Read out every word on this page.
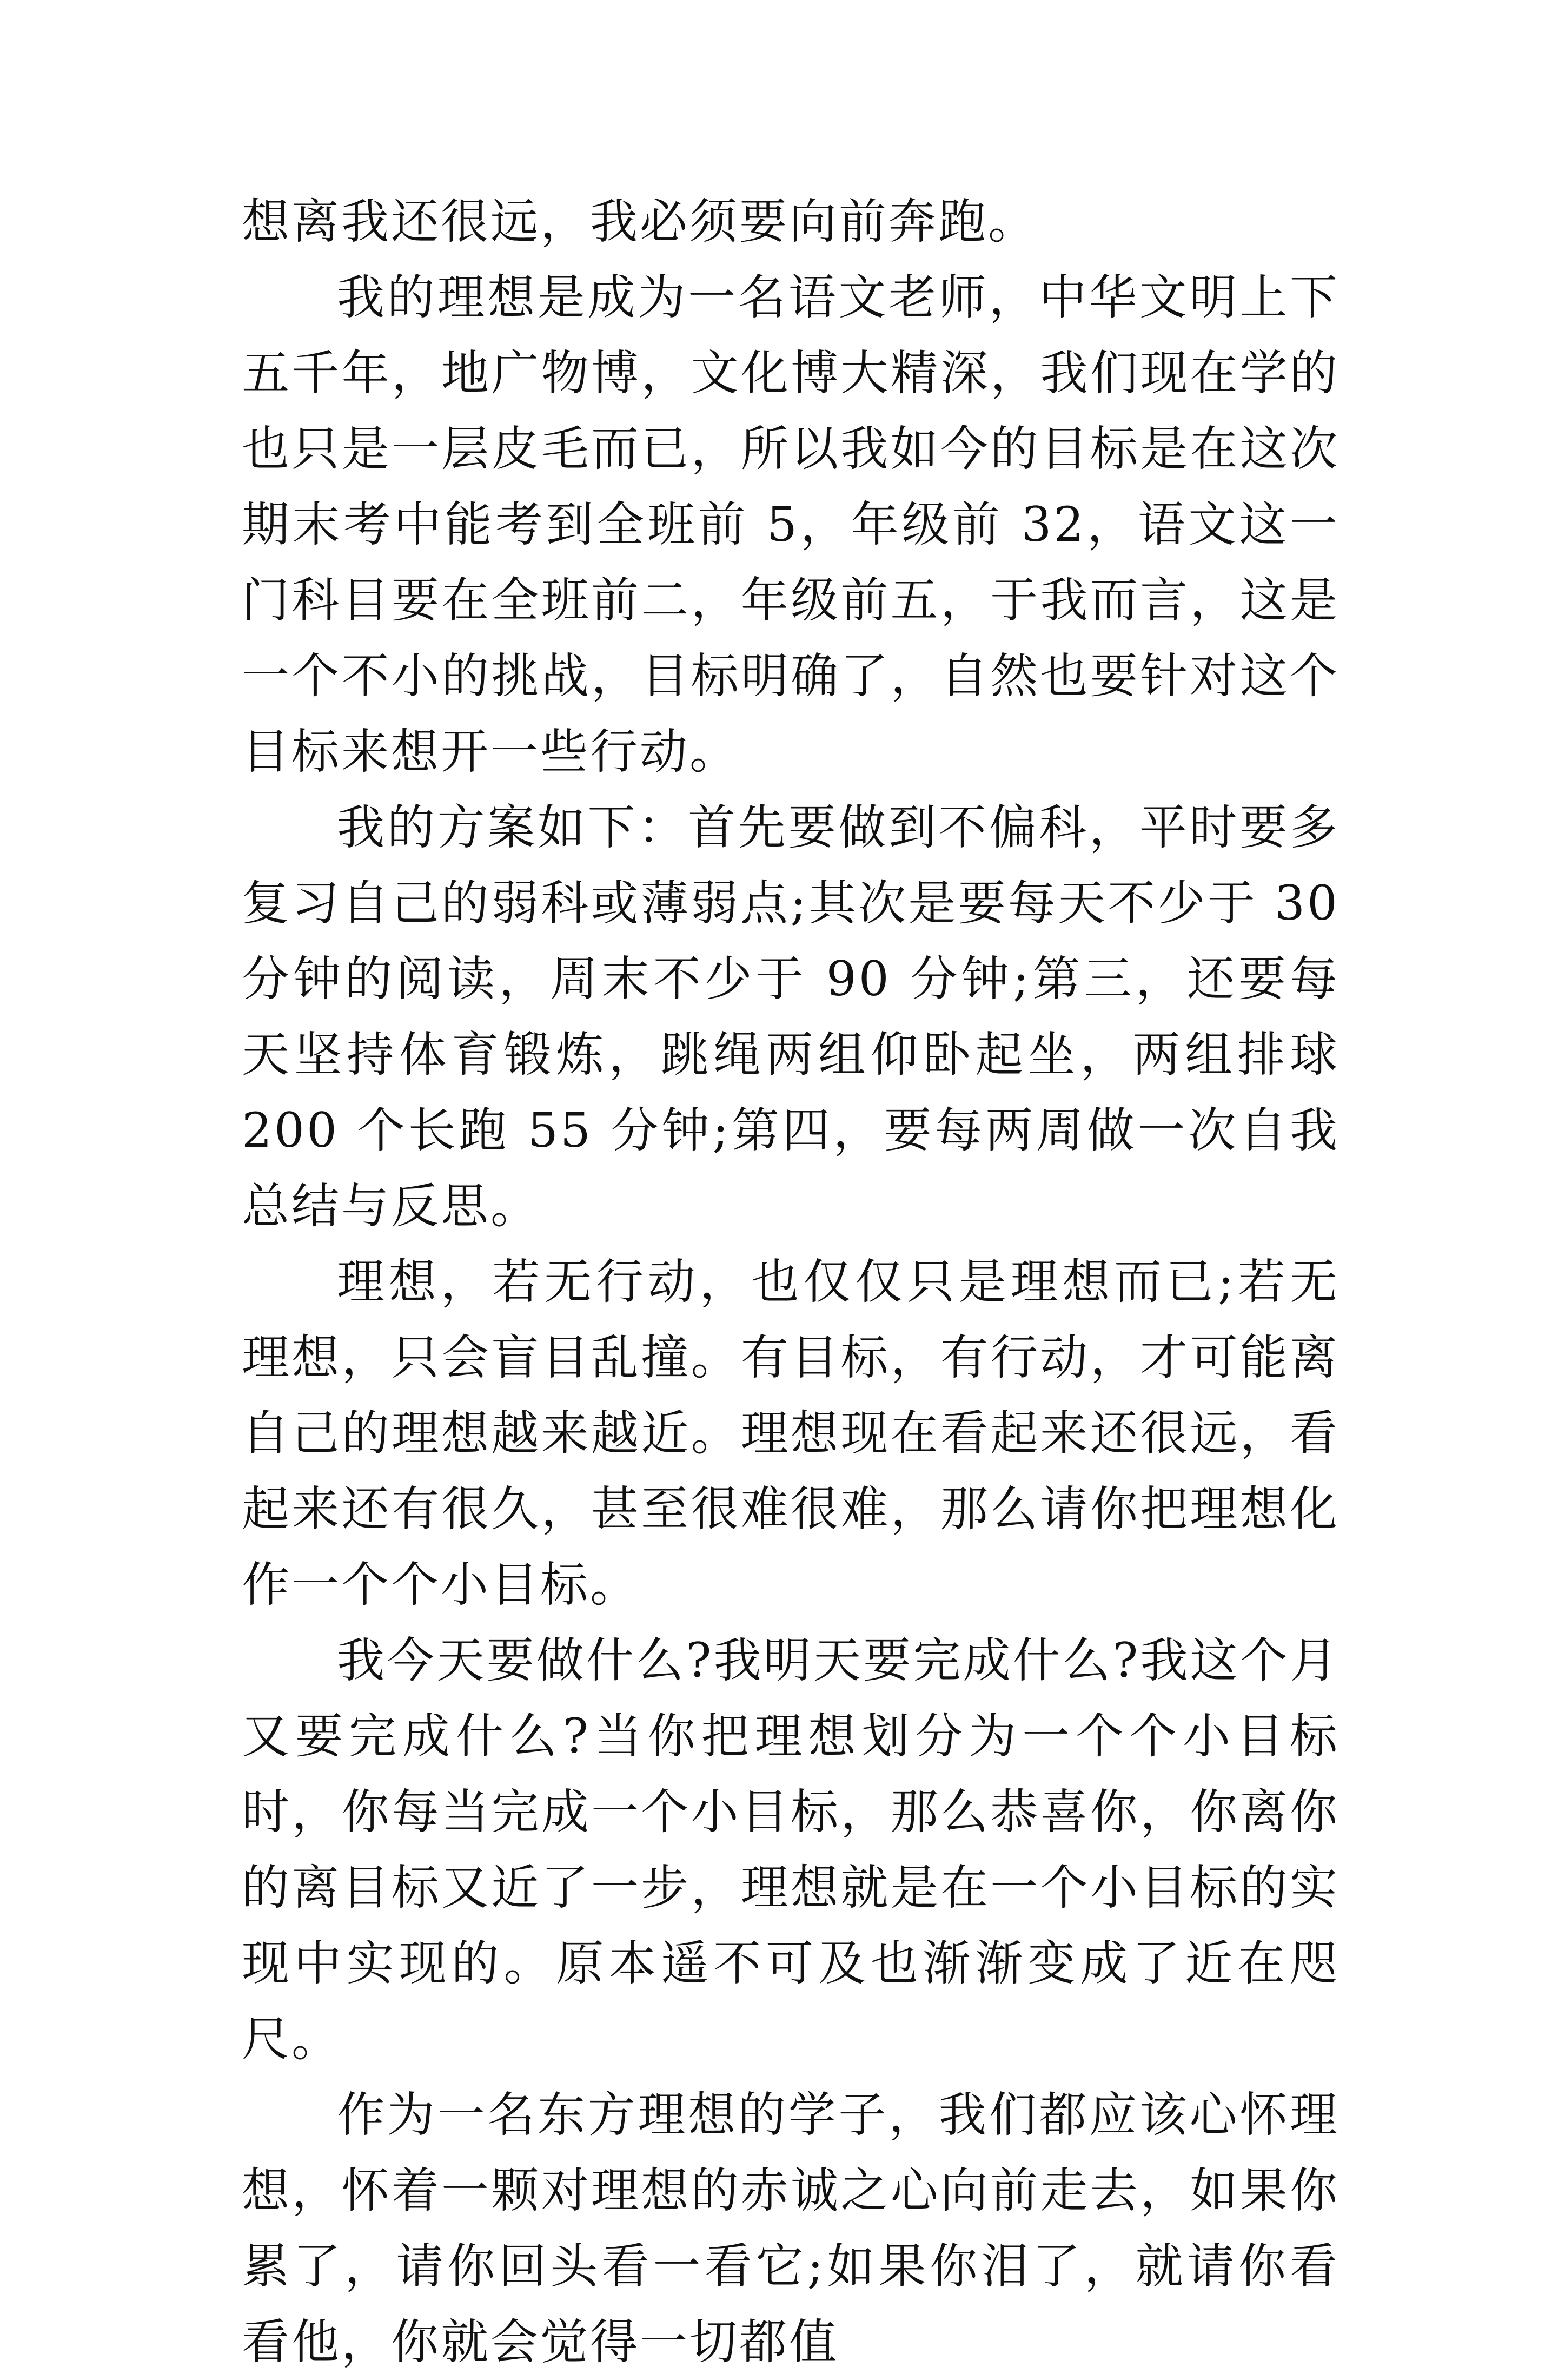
想离我还很远，我必须要向前奔跑。

我的理想是成为一名语文老师，中华文明上下五千年，地广物博，文化博大精深，我们现在学的也只是一层皮毛而已，所以我如今的目标是在这次期末考中能考到全班前 5，年级前 32，语文这一门科目要在全班前二，年级前五，于我而言，这是一个不小的挑战，目标明确了，自然也要针对这个目标来想开一些行动。

我的方案如下：首先要做到不偏科，平时要多复习自己的弱科或薄弱点;其次是要每天不少于 30 分钟的阅读，周末不少于 90 分钟;第三，还要每天坚持体育锻炼，跳绳两组仰卧起坐，两组排球 200 个长跑 55 分钟;第四，要每两周做一次自我总结与反思。

理想，若无行动，也仅仅只是理想而已;若无理想，只会盲目乱撞。有目标，有行动，才可能离自己的理想越来越近。理想现在看起来还很远，看起来还有很久，甚至很难很难，那么请你把理想化作一个个小目标。

我今天要做什么?我明天要完成什么?我这个月又要完成什么?当你把理想划分为一个个小目标时，你每当完成一个小目标，那么恭喜你，你离你的离目标又近了一步，理想就是在一个小目标的实现中实现的。原本遥不可及也渐渐变成了近在咫尺。

作为一名东方理想的学子，我们都应该心怀理想，怀着一颗对理想的赤诚之心向前走去，如果你累了，请你回头看一看它;如果你泪了，就请你看看他，你就会觉得一切都值
